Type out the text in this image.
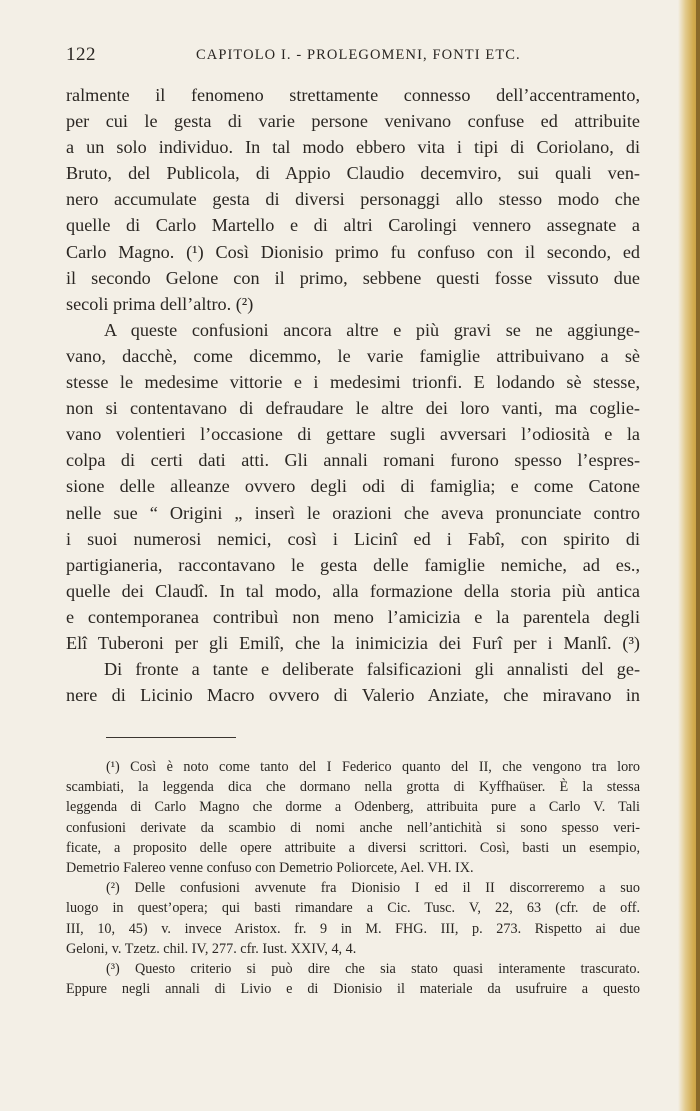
122	CAPITOLO I. - PROLEGOMENI, FONTI ETC.
ralmente il fenomeno strettamente connesso dell’accentramento,
per cui le gesta di varie persone venivano confuse ed attribuite
a un solo individuo. In tal modo ebbero vita i tipi di Coriolano, di
Bruto, del Publicola, di Appio Claudio decemviro, sui quali ven-
nero accumulate gesta di diversi personaggi allo stesso modo che
quelle di Carlo Martello e di altri Carolingi vennero assegnate a
Carlo Magno. (¹) Così Dionisio primo fu confuso con il secondo, ed
il secondo Gelone con il primo, sebbene questi fosse vissuto due
secoli prima dell’altro. (²)
A queste confusioni ancora altre e più gravi se ne aggiunge-
vano, dacchè, come dicemmo, le varie famiglie attribuivano a sè
stesse le medesime vittorie e i medesimi trionfi. E lodando sè stesse,
non si contentavano di defraudare le altre dei loro vanti, ma coglie-
vano volentieri l’occasione di gettare sugli avversari l’odiosità e la
colpa di certi dati atti. Gli annali romani furono spesso l’espres-
sione delle alleanze ovvero degli odi di famiglia; e come Catone
nelle sue “ Origini „ inserì le orazioni che aveva pronunciate contro
i suoi numerosi nemici, così i Licinî ed i Fabî, con spirito di
partigianeria, raccontavano le gesta delle famiglie nemiche, ad es.,
quelle dei Claudî. In tal modo, alla formazione della storia più antica
e contemporanea contribuì non meno l’amicizia e la parentela degli
Elî Tuberoni per gli Emilî, che la inimicizia dei Furî per i Manlî. (³)
Di fronte a tante e deliberate falsificazioni gli annalisti del ge-
nere di Licinio Macro ovvero di Valerio Anziate, che miravano in
(¹) Così è noto come tanto del I Federico quanto del II, che vengono tra loro
scambiati, la leggenda dica che dormano nella grotta di Kyffhaüser. È la stessa
leggenda di Carlo Magno che dorme a Odenberg, attribuita pure a Carlo V. Tali
confusioni derivate da scambio di nomi anche nell’antichità si sono spesso veri-
ficate, a proposito delle opere attribuite a diversi scrittori. Così, basti un esempio,
Demetrio Falereo venne confuso con Demetrio Poliorcete, Ael. VH. IX.
(²) Delle confusioni avvenute fra Dionisio I ed il II discorreremo a suo
luogo in quest’opera; qui basti rimandare a Cic. Tusc. V, 22, 63 (cfr. de off.
III, 10, 45) v. invece Aristox. fr. 9 in M. FHG. III, p. 273. Rispetto ai due
Geloni, v. Tzetz. chil. IV, 277. cfr. Iust. XXIV, 4, 4.
(³) Questo criterio si può dire che sia stato quasi interamente trascurato.
Eppure negli annali di Livio e di Dionisio il materiale da usufruire a questo
